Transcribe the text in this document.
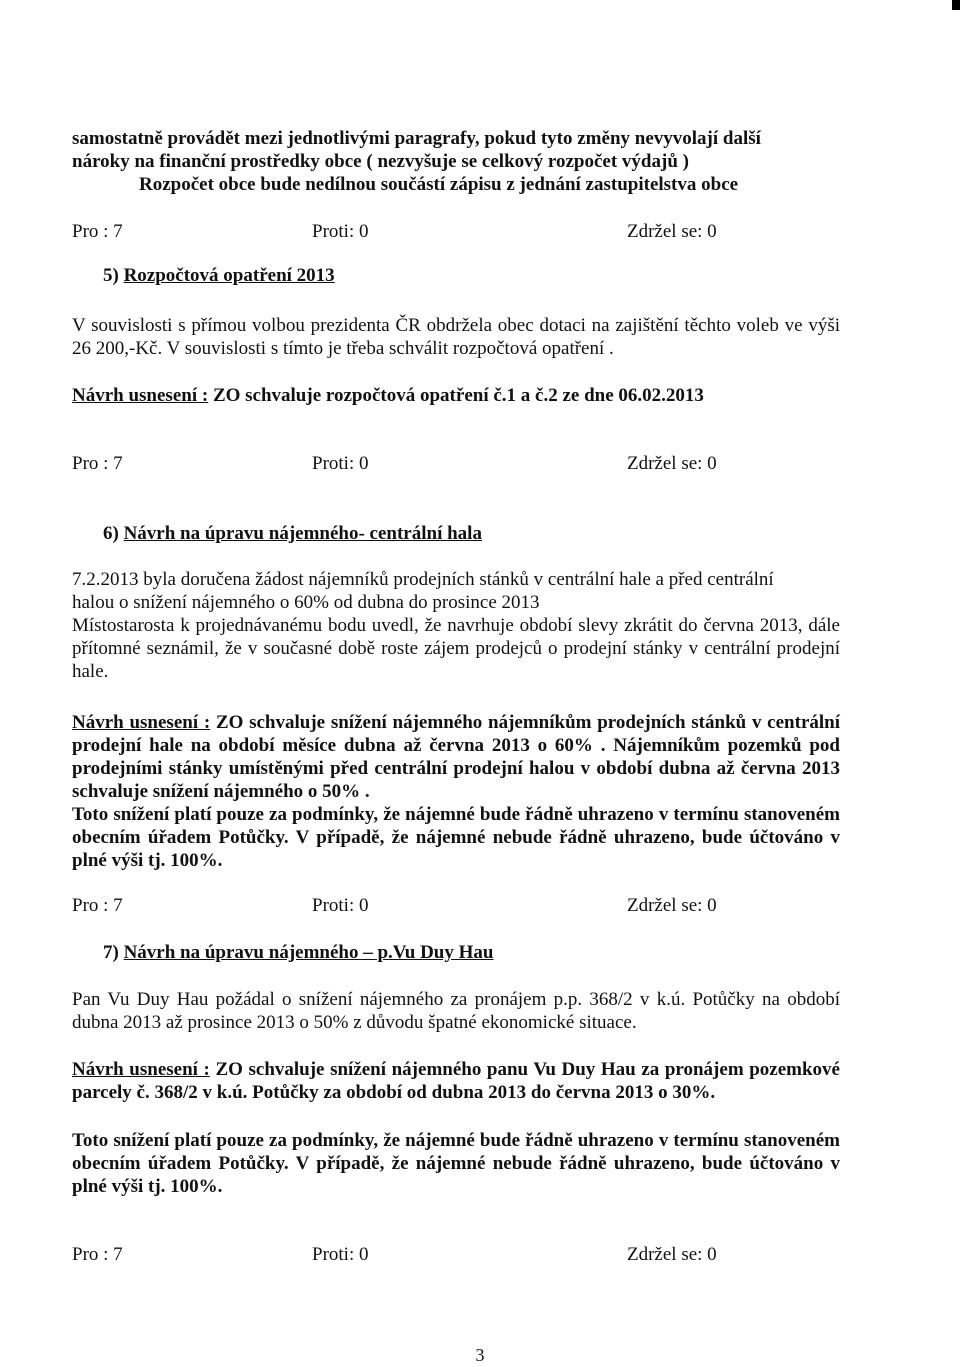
samostatně provádět mezi jednotlivými paragrafy, pokud tyto změny nevyvolají další
nároky na finanční prostředky obce ( nezvyšuje se celkový rozpočet výdajů )
Rozpočet obce bude nedílnou součástí zápisu z jednání zastupitelstva obce
Pro : 7	Proti: 0	Zdržel se: 0
5) Rozpočtová opatření 2013
V souvislosti s přímou volbou prezidenta ČR obdržela obec dotaci na zajištění těchto voleb ve výši 26 200,-Kč. V souvislosti s tímto je třeba schválit rozpočtová opatření .
Návrh usnesení : ZO schvaluje rozpočtová opatření č.1 a č.2 ze dne 06.02.2013
Pro : 7	Proti: 0	Zdržel se: 0
6) Návrh na úpravu nájemného- centrální hala
7.2.2013 byla doručena žádost nájemníků prodejních stánků v centrální hale a před centrální
halou o snížení nájemného o 60% od dubna do prosince 2013
Místostarosta k projednávanému bodu uvedl, že navrhuje období slevy zkrátit do června 2013, dále přítomné seznámil, že v současné době roste zájem prodejců o prodejní stánky v centrální prodejní hale.
Návrh usnesení : ZO schvaluje snížení nájemného nájemníkům prodejních stánků v centrální prodejní hale na období měsíce dubna až června 2013 o 60% . Nájemníkům pozemků pod prodejními stánky umístěnými před centrální prodejní halou v období dubna až června 2013 schvaluje snížení nájemného o 50% .
Toto snížení platí pouze za podmínky, že nájemné bude řádně uhrazeno v termínu stanoveném obecním úřadem Potůčky. V případě, že nájemné nebude řádně uhrazeno, bude účtováno v plné výši tj. 100%.
Pro : 7	Proti: 0	Zdržel se: 0
7) Návrh na úpravu nájemného – p.Vu Duy Hau
Pan Vu Duy Hau požádal o snížení nájemného za pronájem p.p. 368/2 v k.ú. Potůčky na období dubna 2013 až prosince 2013 o 50% z důvodu špatné ekonomické situace.
Návrh usnesení : ZO schvaluje snížení nájemného panu Vu Duy Hau za pronájem pozemkové parcely č. 368/2 v k.ú. Potůčky za období od dubna 2013 do června 2013 o 30%.
Toto snížení platí pouze za podmínky, že nájemné bude řádně uhrazeno v termínu stanoveném obecním úřadem Potůčky. V případě, že nájemné nebude řádně uhrazeno, bude účtováno v plné výši tj. 100%.
Pro : 7	Proti: 0	Zdržel se: 0
3
